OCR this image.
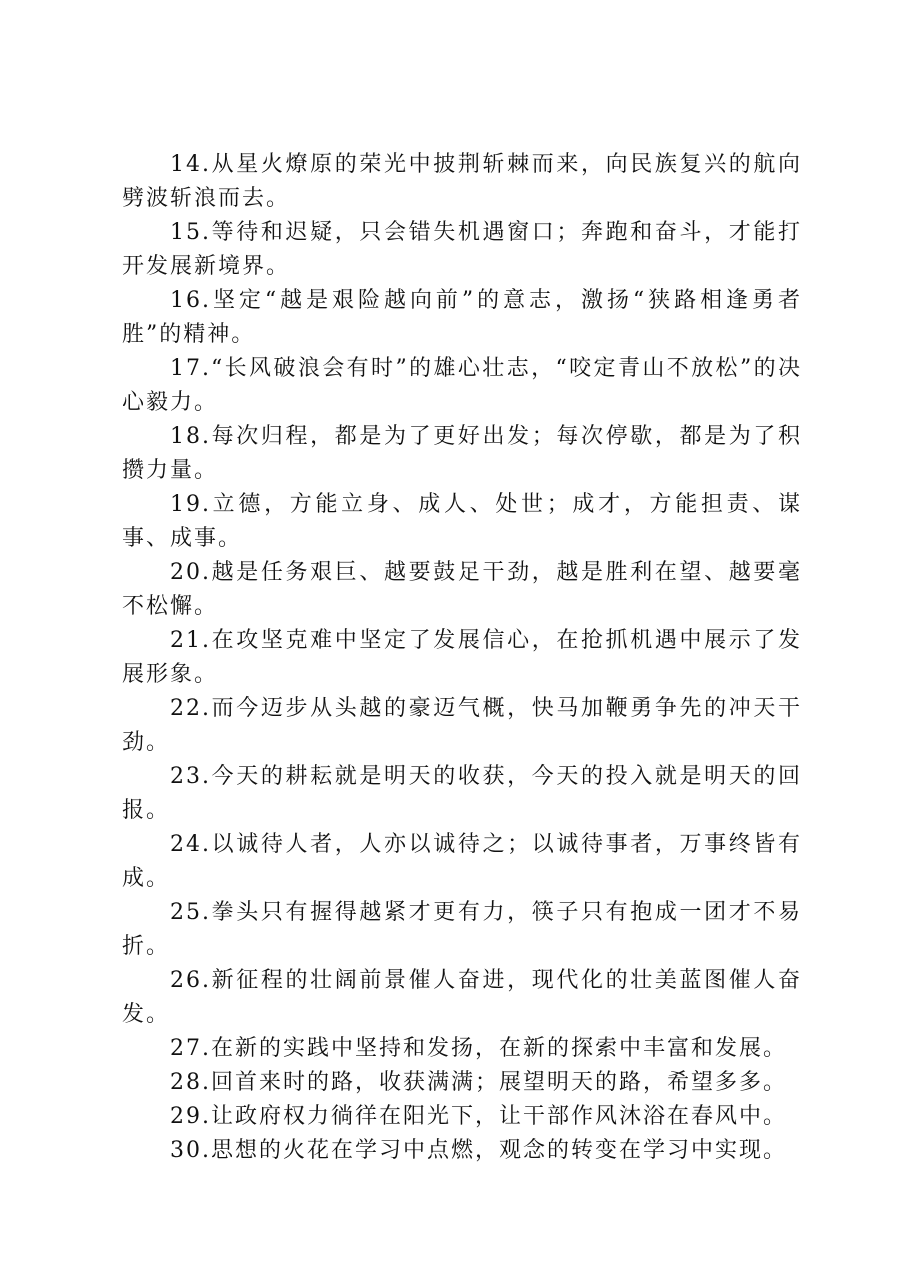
14.从星火燎原的荣光中披荆斩棘而来，向民族复兴的航向劈波斩浪而去。

15.等待和迟疑，只会错失机遇窗口；奔跑和奋斗，才能打开发展新境界。

16.坚定“越是艰险越向前”的意志，激扬“狭路相逢勇者胜”的精神。

17.“长风破浪会有时”的雄心壮志，“咬定青山不放松”的决心毅力。

18.每次归程，都是为了更好出发；每次停歇，都是为了积攒力量。

19.立德，方能立身、成人、处世；成才，方能担责、谋事、成事。

20.越是任务艰巨、越要鼓足干劲，越是胜利在望、越要毫不松懈。

21.在攻坚克难中坚定了发展信心，在抢抓机遇中展示了发展形象。

22.而今迈步从头越的豪迈气概，快马加鞭勇争先的冲天干劲。

23.今天的耕耘就是明天的收获，今天的投入就是明天的回报。

24.以诚待人者，人亦以诚待之；以诚待事者，万事终皆有成。

25.拳头只有握得越紧才更有力，筷子只有抱成一团才不易折。

26.新征程的壮阔前景催人奋进，现代化的壮美蓝图催人奋发。

27.在新的实践中坚持和发扬，在新的探索中丰富和发展。

28.回首来时的路，收获满满；展望明天的路，希望多多。

29.让政府权力徜徉在阳光下，让干部作风沐浴在春风中。

30.思想的火花在学习中点燃，观念的转变在学习中实现。
